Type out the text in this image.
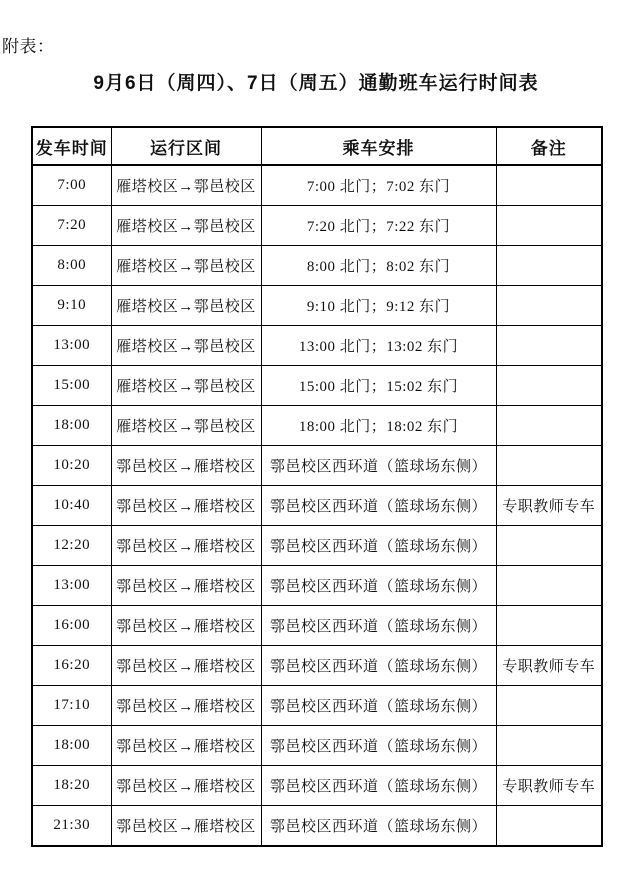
附表：
9月6日（周四）、7日（周五）通勤班车运行时间表
发车时间	运行区间	乘车安排	备注
7:00	雁塔校区→鄠邑校区	7:00 北门；7:02 东门	
7:20	雁塔校区→鄠邑校区	7:20 北门；7:22 东门	
8:00	雁塔校区→鄠邑校区	8:00 北门；8:02 东门	
9:10	雁塔校区→鄠邑校区	9:10 北门；9:12 东门	
13:00	雁塔校区→鄠邑校区	13:00 北门；13:02 东门	
15:00	雁塔校区→鄠邑校区	15:00 北门；15:02 东门	
18:00	雁塔校区→鄠邑校区	18:00 北门；18:02 东门	
10:20	鄠邑校区→雁塔校区	鄠邑校区西环道（篮球场东侧）	
10:40	鄠邑校区→雁塔校区	鄠邑校区西环道（篮球场东侧）	专职教师专车
12:20	鄠邑校区→雁塔校区	鄠邑校区西环道（篮球场东侧）	
13:00	鄠邑校区→雁塔校区	鄠邑校区西环道（篮球场东侧）	
16:00	鄠邑校区→雁塔校区	鄠邑校区西环道（篮球场东侧）	
16:20	鄠邑校区→雁塔校区	鄠邑校区西环道（篮球场东侧）	专职教师专车
17:10	鄠邑校区→雁塔校区	鄠邑校区西环道（篮球场东侧）	
18:00	鄠邑校区→雁塔校区	鄠邑校区西环道（篮球场东侧）	
18:20	鄠邑校区→雁塔校区	鄠邑校区西环道（篮球场东侧）	专职教师专车
21:30	鄠邑校区→雁塔校区	鄠邑校区西环道（篮球场东侧）	
